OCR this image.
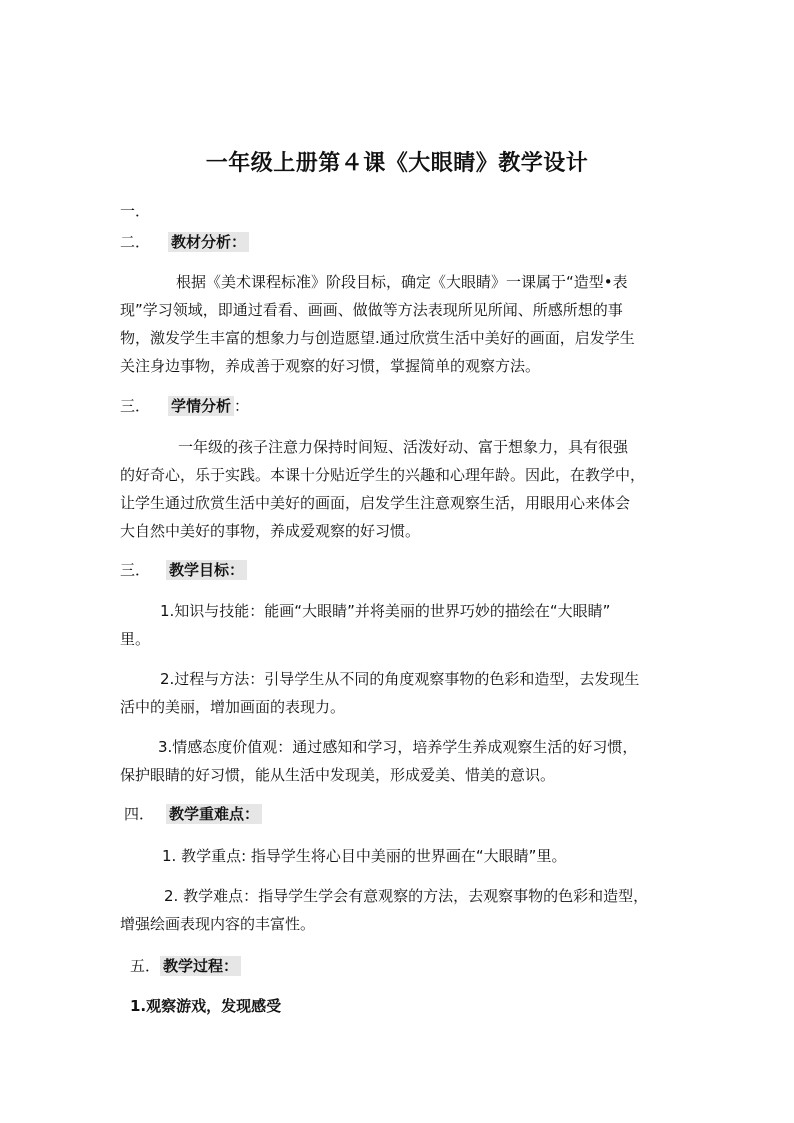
一年级上册第４课《大眼睛》教学设计
一．
二． 教材分析：
根据《美术课程标准》阶段目标，确定《大眼睛》一课属于“造型•表
现”学习领域，即通过看看、画画、做做等方法表现所见所闻、所感所想的事
物，激发学生丰富的想象力与创造愿望.通过欣赏生活中美好的画面，启发学生
关注身边事物，养成善于观察的好习惯，掌握简单的观察方法。
三． 学情分析 ：
一年级的孩子注意力保持时间短、活泼好动、富于想象力，具有很强
的好奇心，乐于实践。本课十分贴近学生的兴趣和心理年龄。因此，在教学中，
让学生通过欣赏生活中美好的画面，启发学生注意观察生活，用眼用心来体会
大自然中美好的事物，养成爱观察的好习惯。
三． 教学目标：
1.知识与技能：能画“大眼睛”并将美丽的世界巧妙的描绘在“大眼睛”
里。
2.过程与方法：引导学生从不同的角度观察事物的色彩和造型，去发现生
活中的美丽，增加画面的表现力。
3.情感态度价值观：通过感知和学习，培养学生养成观察生活的好习惯，
保护眼睛的好习惯，能从生活中发现美，形成爱美、惜美的意识。
四． 教学重难点：
1. 教学重点: 指导学生将心目中美丽的世界画在“大眼睛”里。
2. 教学难点：指导学生学会有意观察的方法，去观察事物的色彩和造型，
增强绘画表现内容的丰富性。
五． 教学过程：
1.观察游戏，发现感受
